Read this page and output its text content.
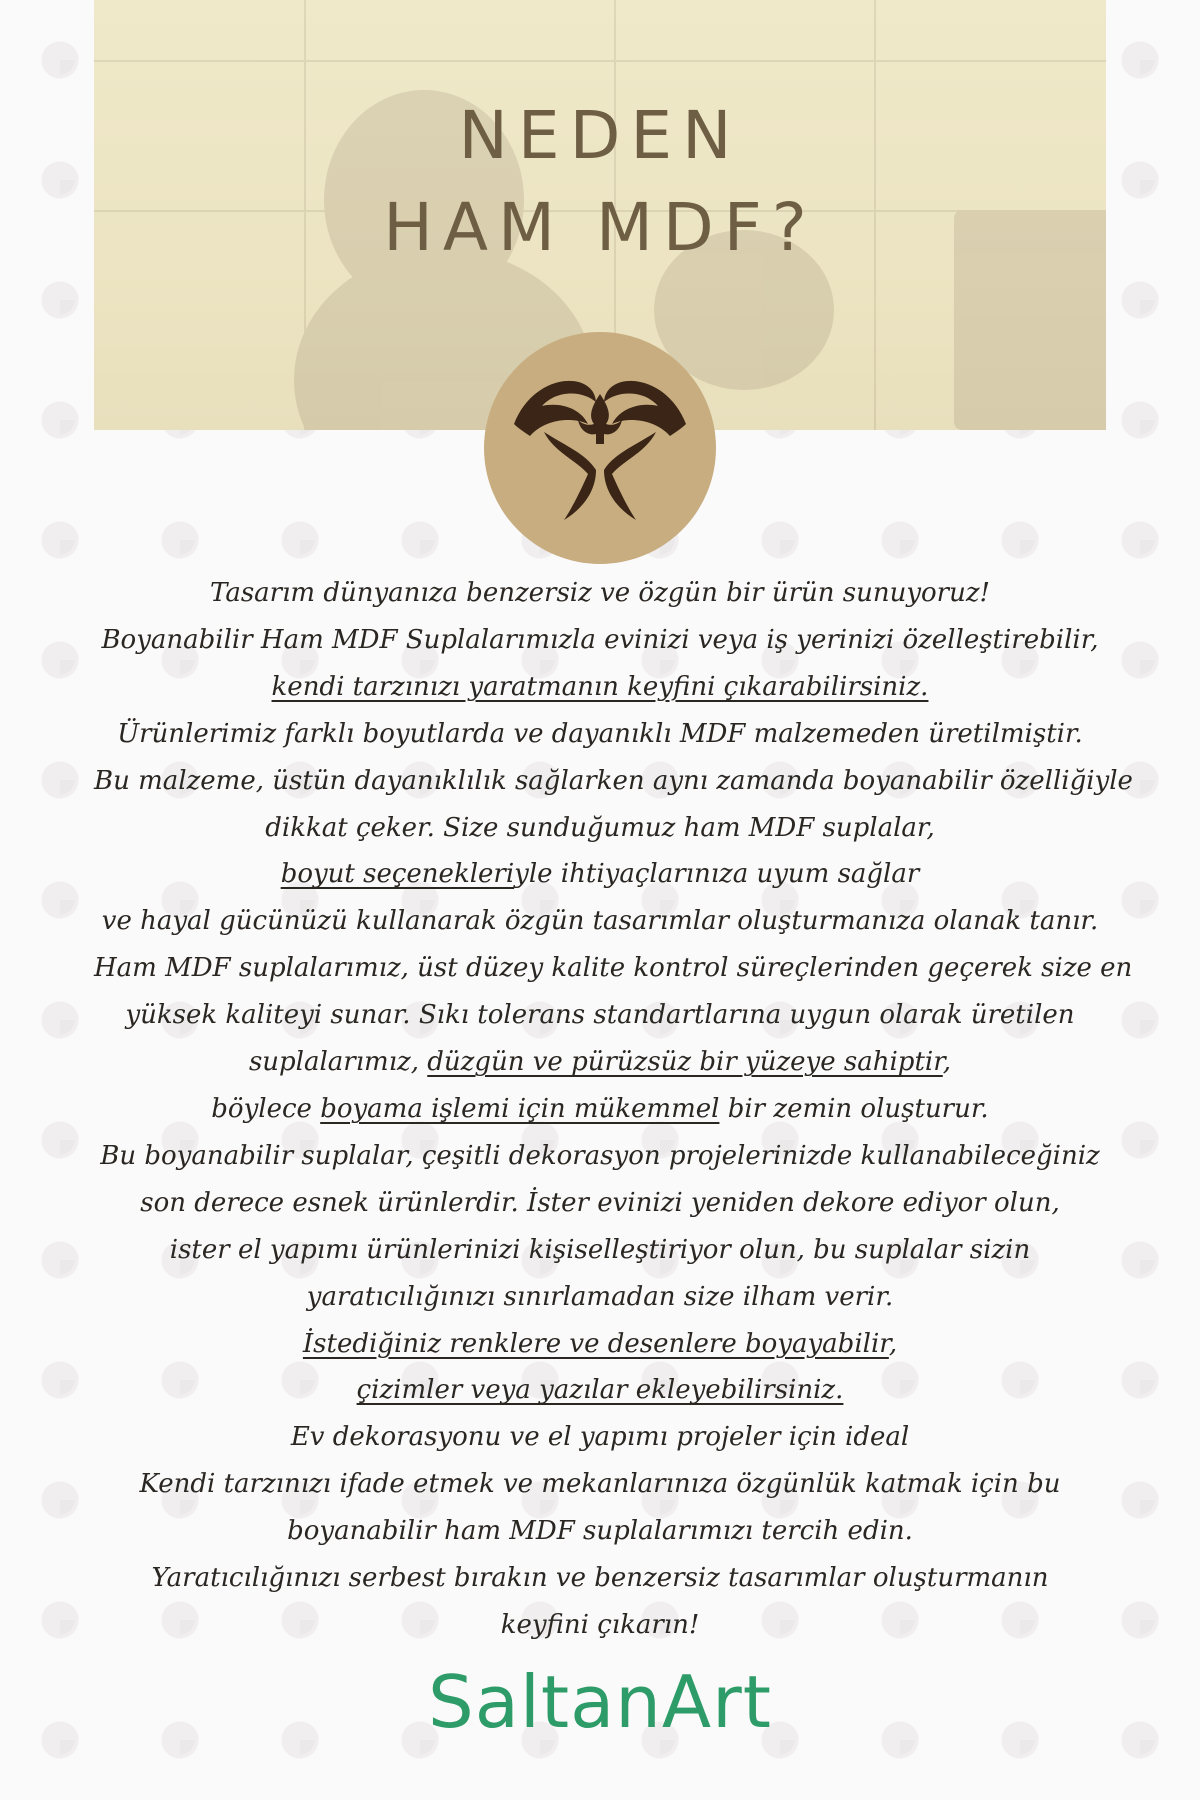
NEDEN
HAM MDF?
Tasarım dünyanıza benzersiz ve özgün bir ürün sunuyoruz!
Boyanabilir Ham MDF Suplalarımızla evinizi veya iş yerinizi özelleştirebilir,
kendi tarzınızı yaratmanın keyfini çıkarabilirsiniz.
Ürünlerimiz farklı boyutlarda ve dayanıklı MDF malzemeden üretilmiştir.
Bu malzeme, üstün dayanıklılık sağlarken aynı zamanda boyanabilir özelliğiyle
dikkat çeker. Size sunduğumuz ham MDF suplalar,
boyut seçenekleriyle ihtiyaçlarınıza uyum sağlar
ve hayal gücünüzü kullanarak özgün tasarımlar oluşturmanıza olanak tanır.
Ham MDF suplalarımız, üst düzey kalite kontrol süreçlerinden geçerek size en
yüksek kaliteyi sunar. Sıkı tolerans standartlarına uygun olarak üretilen
suplalarımız, düzgün ve pürüzsüz bir yüzeye sahiptir,
böylece boyama işlemi için mükemmel bir zemin oluşturur.
Bu boyanabilir suplalar, çeşitli dekorasyon projelerinizde kullanabileceğiniz
son derece esnek ürünlerdir. İster evinizi yeniden dekore ediyor olun,
ister el yapımı ürünlerinizi kişiselleştiriyor olun, bu suplalar sizin
yaratıcılığınızı sınırlamadan size ilham verir.
İstediğiniz renklere ve desenlere boyayabilir,
çizimler veya yazılar ekleyebilirsiniz.
Ev dekorasyonu ve el yapımı projeler için ideal
Kendi tarzınızı ifade etmek ve mekanlarınıza özgünlük katmak için bu
boyanabilir ham MDF suplalarımızı tercih edin.
Yaratıcılığınızı serbest bırakın ve benzersiz tasarımlar oluşturmanın
keyfini çıkarın!
SaltanArt
